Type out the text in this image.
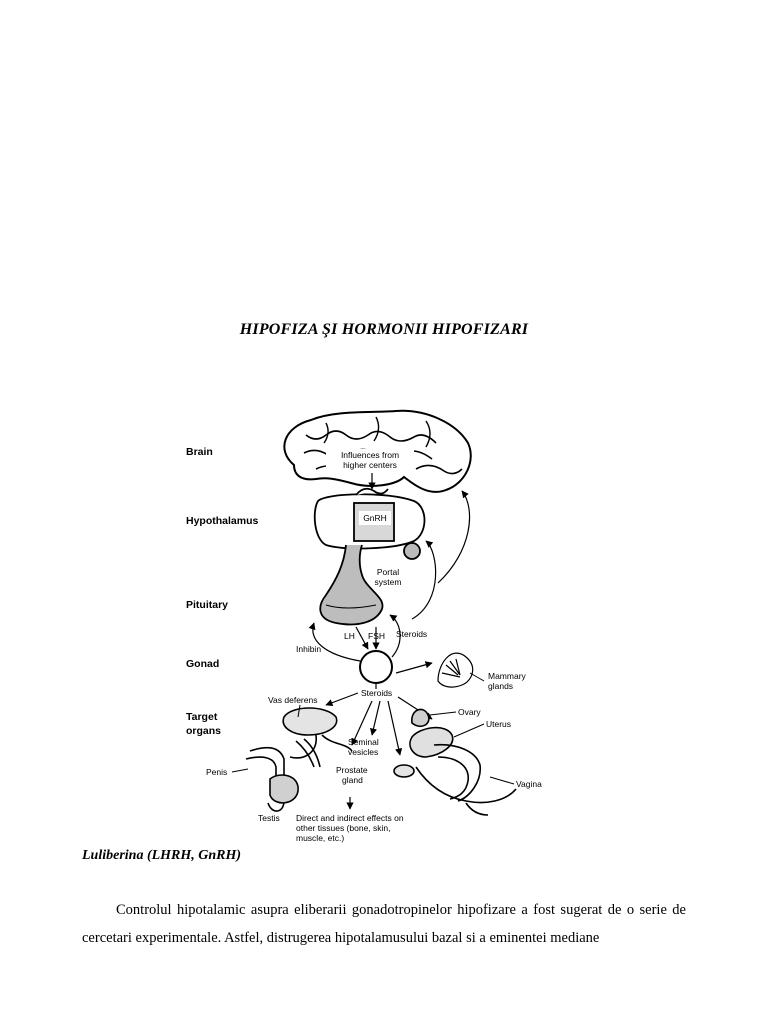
HIPOFIZA ŞI HORMONII HIPOFIZARI
Brain
Hypothalamus
Pituitary
Gonad
Target
organs
Influences from
higher centers
GnRH
Portal
system
LH FSH
Inhibin
Steroids
Mammary
glands
Steroids
Vas deferens
Penis
Testis
Seminal
vesicles
Prostate
gland
Ovary
Uterus
Vagina
Direct and indirect effects on
other tissues (bone, skin,
muscle, etc.)
Luliberina (LHRH, GnRH)

Controlul hipotalamic asupra eliberarii gonadotropinelor hipofizare a fost sugerat de o serie de cercetari experimentale. Astfel, distrugerea hipotalamusului bazal si a eminentei mediane
